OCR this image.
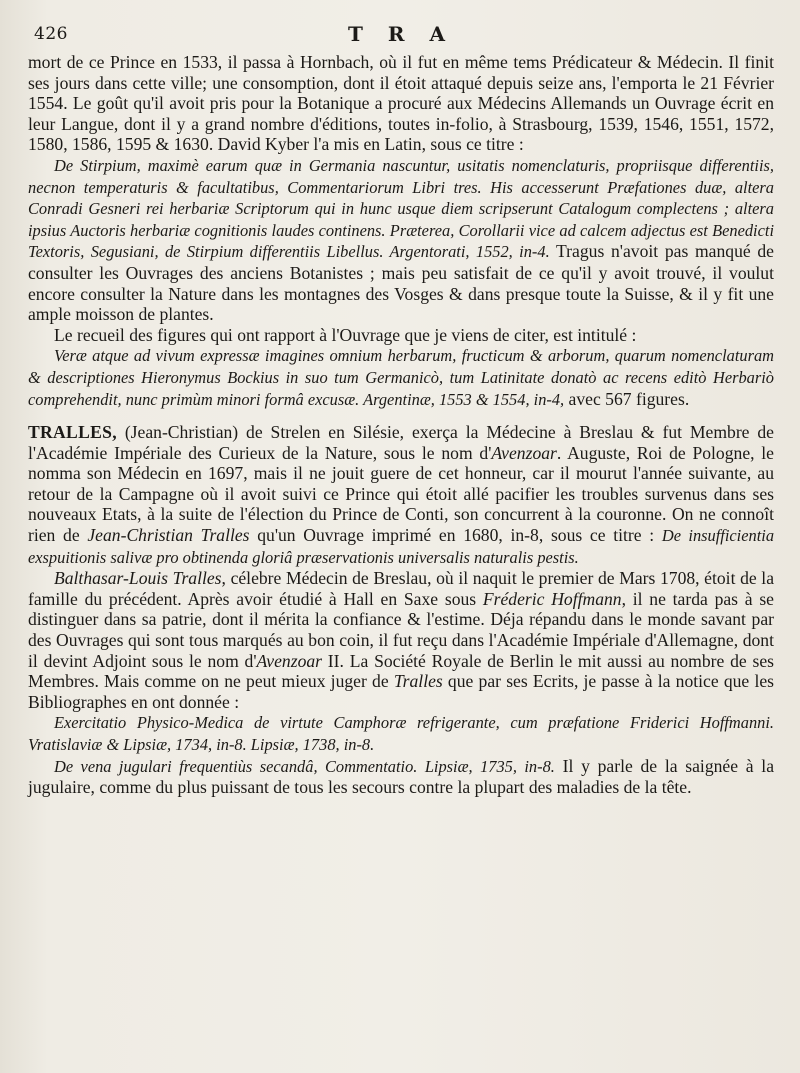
426	T R A

mort de ce Prince en 1533, il passa à Hornbach, où il fut en même tems Prédicateur & Médecin. Il finit ses jours dans cette ville; une consomption, dont il étoit attaqué depuis seize ans, l'emporta le 21 Février 1554. Le goût qu'il avoit pris pour la Botanique a procuré aux Médecins Allemands un Ouvrage écrit en leur Langue, dont il y a grand nombre d'éditions, toutes in-folio, à Strasbourg, 1539, 1546, 1551, 1572, 1580, 1586, 1595 & 1630. David Kyber l'a mis en Latin, sous ce titre :

De Stirpium, maximè earum quæ in Germania nascuntur, usitatis nomenclaturis, propriisque differentiis, necnon temperaturis & facultatibus, Commentariorum Libri tres. His accesserunt Præfationes duæ, altera Conradi Gesneri rei herbariæ Scriptorum qui in hunc usque diem scripserunt Catalogum complectens ; altera ipsius Auctoris herbariæ cognitionis laudes continens. Præterea, Corollarii vice ad calcem adjectus est Benedicti Textoris, Segusiani, de Stirpium differentiis Libellus. Argentorati, 1552, in-4. Tragus n'avoit pas manqué de consulter les Ouvrages des anciens Botanistes ; mais peu satisfait de ce qu'il y avoit trouvé, il voulut encore consulter la Nature dans les montagnes des Vosges & dans presque toute la Suisse, & il y fit une ample moisson de plantes.

Le recueil des figures qui ont rapport à l'Ouvrage que je viens de citer, est intitulé :

Veræ atque ad vivum expressæ imagines omnium herbarum, fructicum & arborum, quarum nomenclaturam & descriptiones Hieronymus Bockius in suo tum Germanicò, tum Latinitate donatò ac recens editò Herbariò comprehendit, nunc primùm minori formâ excusæ. Argentinæ, 1553 & 1554, in-4, avec 567 figures.

TRALLES, (Jean-Christian) de Strelen en Silésie, exerça la Médecine à Breslau & fut Membre de l'Académie Impériale des Curieux de la Nature, sous le nom d'Avenzoar. Auguste, Roi de Pologne, le nomma son Médecin en 1697, mais il ne jouit guere de cet honneur, car il mourut l'année suivante, au retour de la Campagne où il avoit suivi ce Prince qui étoit allé pacifier les troubles survenus dans ses nouveaux Etats, à la suite de l'élection du Prince de Conti, son concurrent à la couronne. On ne connoît rien de Jean-Christian Tralles qu'un Ouvrage imprimé en 1680, in-8, sous ce titre : De insufficientia exspuitionis salivæ pro obtinenda gloriâ præservationis universalis naturalis pestis.

Balthasar-Louis Tralles, célebre Médecin de Breslau, où il naquit le premier de Mars 1708, étoit de la famille du précédent. Après avoir étudié à Hall en Saxe sous Fréderic Hoffmann, il ne tarda pas à se distinguer dans sa patrie, dont il mérita la confiance & l'estime. Déja répandu dans le monde savant par des Ouvrages qui sont tous marqués au bon coin, il fut reçu dans l'Académie Impériale d'Allemagne, dont il devint Adjoint sous le nom d'Avenzoar II. La Société Royale de Berlin le mit aussi au nombre de ses Membres. Mais comme on ne peut mieux juger de Tralles que par ses Ecrits, je passe à la notice que les Bibliographes en ont donnée :

Exercitatio Physico-Medica de virtute Camphoræ refrigerante, cum præfatione Friderici Hoffmanni. Vratislaviæ & Lipsiæ, 1734, in-8. Lipsiæ, 1738, in-8.

De vena jugulari frequentiùs secandâ, Commentatio. Lipsiæ, 1735, in-8. Il y parle de la saignée à la jugulaire, comme du plus puissant de tous les secours contre la plupart des maladies de la tête.
